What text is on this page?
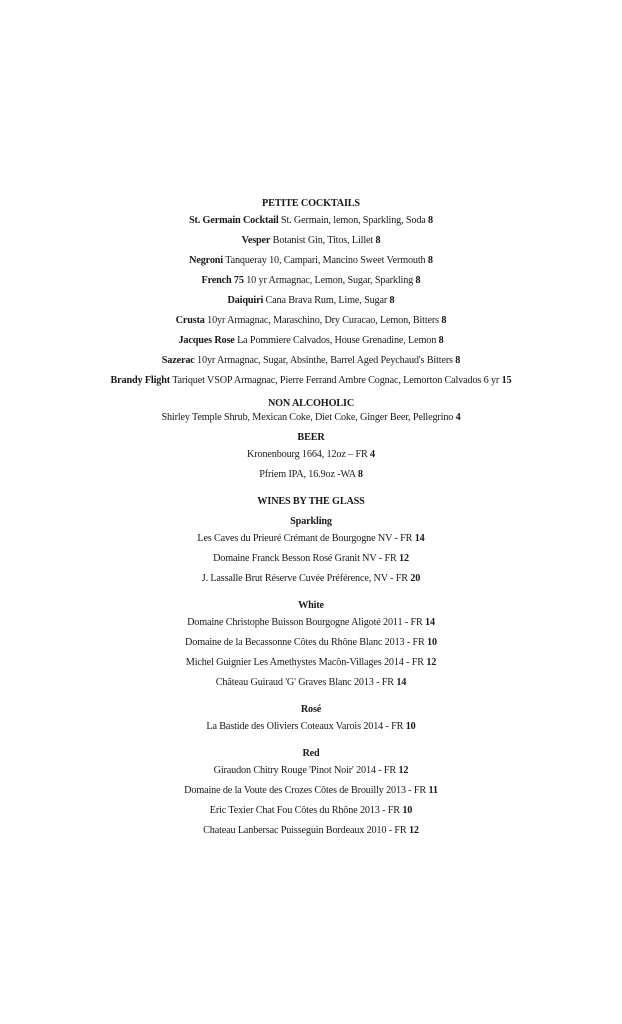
PETITE COCKTAILS
St. Germain Cocktail St. Germain, lemon, Sparkling, Soda 8
Vesper Botanist Gin, Titos, Lillet 8
Negroni Tanqueray 10, Campari, Mancino Sweet Vermouth 8
French 75 10 yr Armagnac, Lemon, Sugar, Sparkling 8
Daiquiri Cana Brava Rum, Lime, Sugar 8
Crusta 10yr Armagnac, Maraschino, Dry Curacao, Lemon, Bitters 8
Jacques Rose La Pommiere Calvados, House Grenadine, Lemon 8
Sazerac 10yr Armagnac, Sugar, Absinthe, Barrel Aged Peychaud's Bitters 8
Brandy Flight Tariquet VSOP Armagnac, Pierre Ferrand Ambre Cognac, Lemorton Calvados 6 yr 15
NON ALCOHOLIC
Shirley Temple Shrub, Mexican Coke, Diet Coke, Ginger Beer, Pellegrino 4
BEER
Kronenbourg 1664, 12oz – FR 4
Pfriem IPA, 16.9oz -WA 8
WINES BY THE GLASS
Sparkling
Les Caves du Prieuré Crémant de Bourgogne NV - FR 14
Domaine Franck Besson Rosé Granit NV - FR 12
J. Lassalle Brut Réserve Cuvée Préférence, NV - FR 20
White
Domaine Christophe Buisson Bourgogne Aligoté 2011 - FR 14
Domaine de la Becassonne Côtes du Rhône Blanc 2013 - FR 10
Michel Guignier Les Amethystes Macôn-Villages 2014 - FR 12
Château Guiraud 'G' Graves Blanc 2013 - FR 14
Rosé
La Bastide des Oliviers Coteaux Varois 2014 - FR 10
Red
Giraudon Chitry Rouge 'Pinot Noir' 2014 - FR 12
Domaine de la Voute des Crozes Côtes de Brouilly 2013 - FR 11
Eric Texier Chat Fou Côtes du Rhône 2013 - FR 10
Chateau Lanbersac Puisseguin Bordeaux 2010 - FR 12
